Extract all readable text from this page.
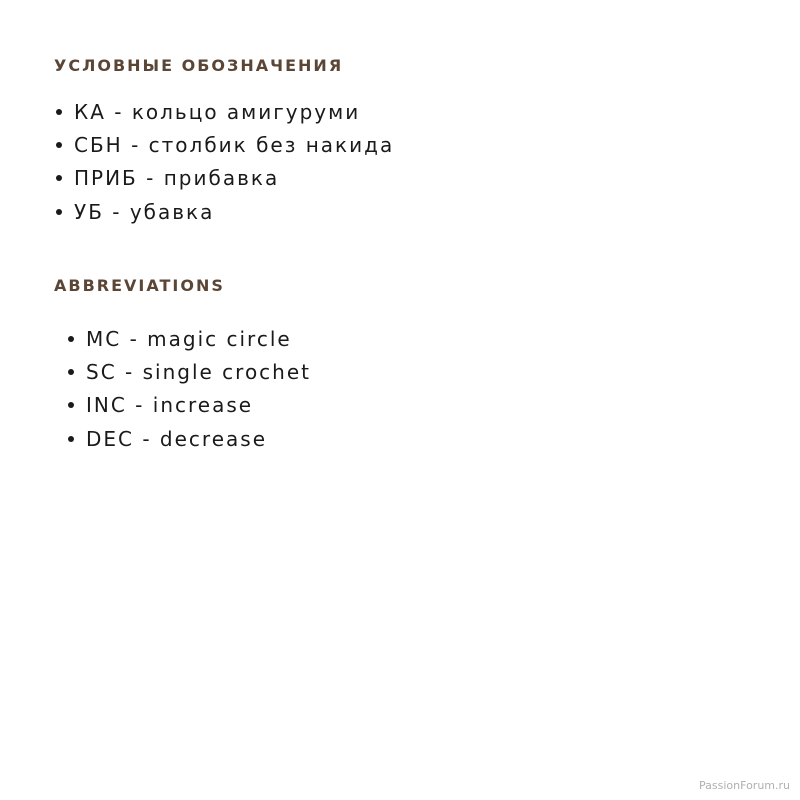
УСЛОВНЫЕ ОБОЗНАЧЕНИЯ
КА - кольцо амигуруми
СБН - столбик без накида
ПРИБ - прибавка
УБ - убавка
ABBREVIATIONS
MC - magic circle
SC - single crochet
INC - increase
DEC - decrease
PassionForum.ru
